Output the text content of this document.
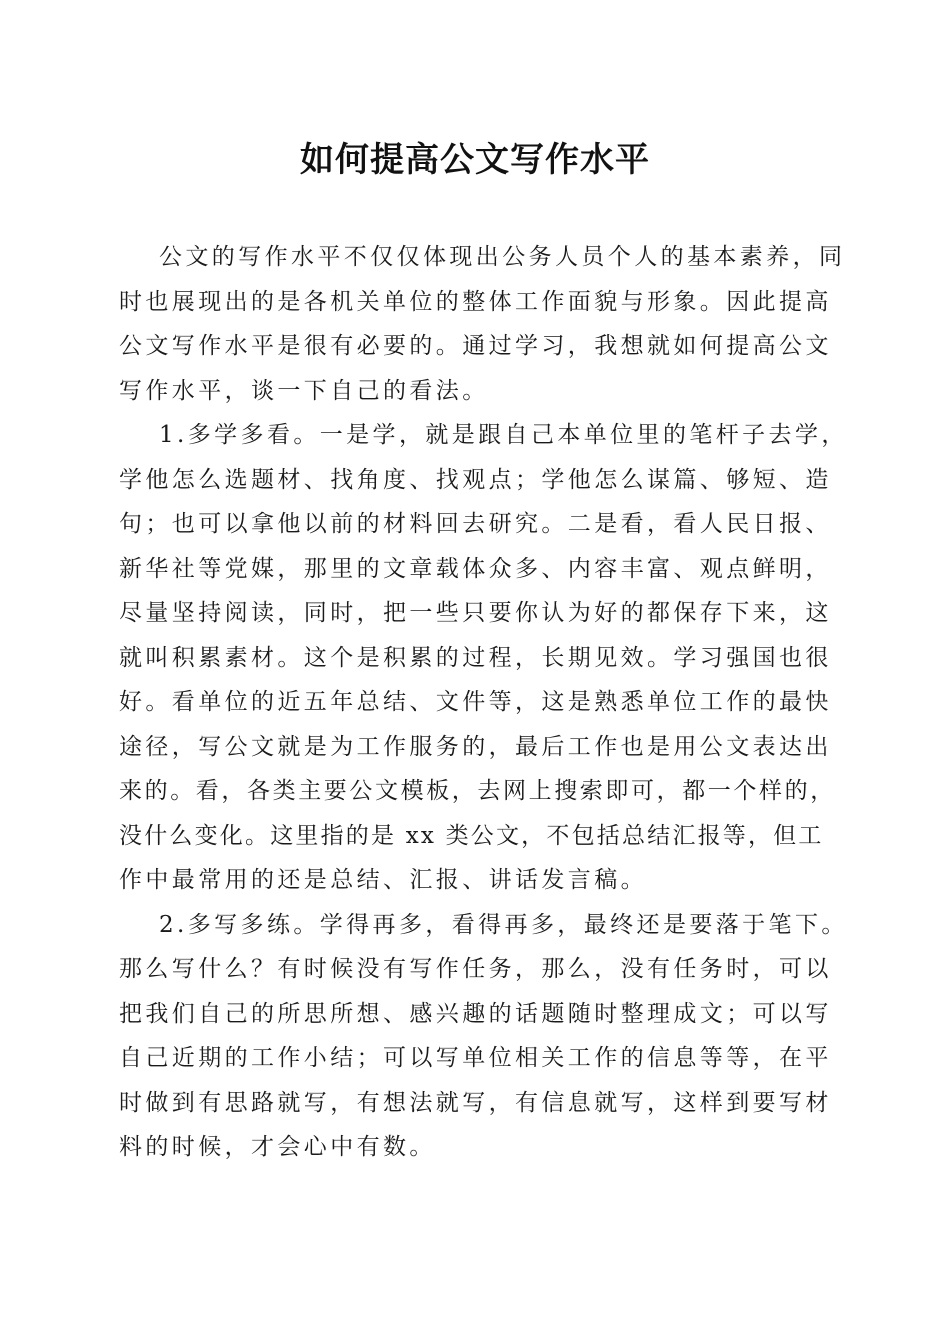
如何提高公文写作水平

公文的写作水平不仅仅体现出公务人员个人的基本素养，同
时也展现出的是各机关单位的整体工作面貌与形象。因此提高
公文写作水平是很有必要的。通过学习，我想就如何提高公文
写作水平，谈一下自己的看法。

1.多学多看。一是学，就是跟自己本单位里的笔杆子去学，
学他怎么选题材、找角度、找观点；学他怎么谋篇、够短、造
句；也可以拿他以前的材料回去研究。二是看，看人民日报、
新华社等党媒，那里的文章载体众多、内容丰富、观点鲜明，
尽量坚持阅读，同时，把一些只要你认为好的都保存下来，这
就叫积累素材。这个是积累的过程，长期见效。学习强国也很
好。看单位的近五年总结、文件等，这是熟悉单位工作的最快
途径，写公文就是为工作服务的，最后工作也是用公文表达出
来的。看，各类主要公文模板，去网上搜索即可，都一个样的，
没什么变化。这里指的是 xx 类公文，不包括总结汇报等，但工
作中最常用的还是总结、汇报、讲话发言稿。

2.多写多练。学得再多，看得再多，最终还是要落于笔下。
那么写什么？有时候没有写作任务，那么，没有任务时，可以
把我们自己的所思所想、感兴趣的话题随时整理成文；可以写
自己近期的工作小结；可以写单位相关工作的信息等等，在平
时做到有思路就写，有想法就写，有信息就写，这样到要写材
料的时候，才会心中有数。
